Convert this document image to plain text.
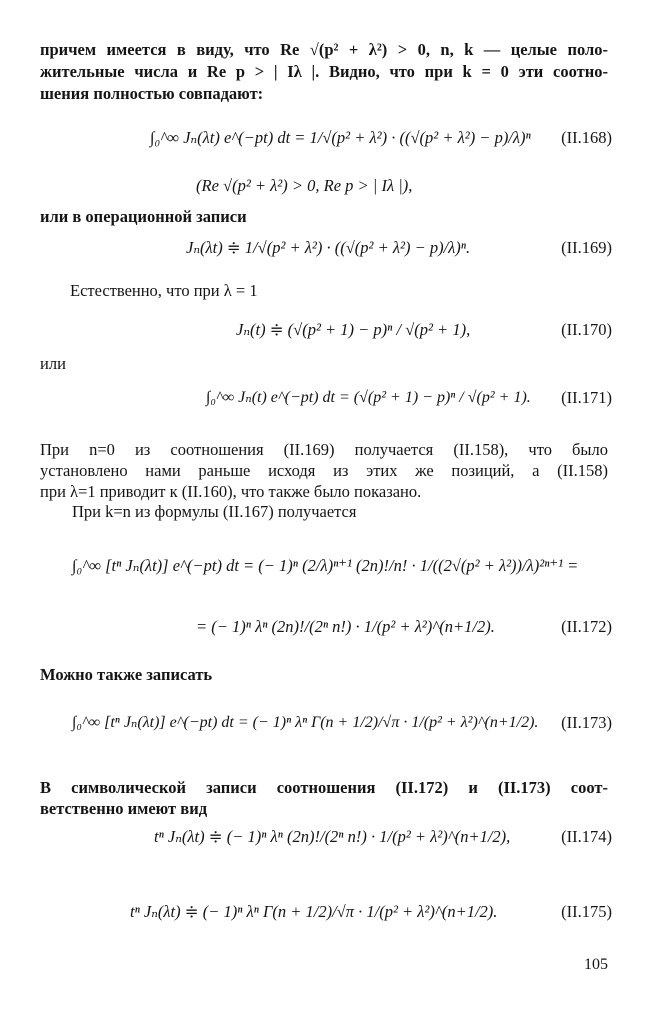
причем имеется в виду, что Re √(p² + λ²) > 0, n, k — целые поло-
жительные числа и Re p > | Iλ |. Видно, что при k = 0 эти соотно-
шения полностью совпадают:
∫₀^∞ Jₙ(λt) e^(−pt) dt = 1/√(p² + λ²) · ((√(p² + λ²) − p)/λ)ⁿ	(II.168)
(Re √(p² + λ²) > 0, Re p > | Iλ |),
или в операционной записи
Jₙ(λt) ≑ 1/√(p² + λ²) · ((√(p² + λ²) − p)/λ)ⁿ.	(II.169)
Естественно, что при λ = 1
Jₙ(t) ≑ (√(p² + 1) − p)ⁿ / √(p² + 1),	(II.170)
или
∫₀^∞ Jₙ(t) e^(−pt) dt = (√(p² + 1) − p)ⁿ / √(p² + 1).	(II.171)
При n=0 из соотношения (II.169) получается (II.158), что было
установлено нами раньше исходя из этих же позиций, а (II.158)
при λ=1 приводит к (II.160), что также было показано.
При k=n из формулы (II.167) получается
∫₀^∞ [tⁿ Jₙ(λt)] e^(−pt) dt = (− 1)ⁿ (2/λ)ⁿ⁺¹ (2n)!/n! · 1/((2√(p² + λ²))/λ)²ⁿ⁺¹ =
= (− 1)ⁿ λⁿ (2n)!/(2ⁿ n!) · 1/(p² + λ²)^(n+1/2).	(II.172)
Можно также записать
∫₀^∞ [tⁿ Jₙ(λt)] e^(−pt) dt = (− 1)ⁿ λⁿ Γ(n + 1/2)/√π · 1/(p² + λ²)^(n+1/2).	(II.173)
В символической записи соотношения (II.172) и (II.173) соот-
ветственно имеют вид
tⁿ Jₙ(λt) ≑ (− 1)ⁿ λⁿ (2n)!/(2ⁿ n!) · 1/(p² + λ²)^(n+1/2),	(II.174)
tⁿ Jₙ(λt) ≑ (− 1)ⁿ λⁿ Γ(n + 1/2)/√π · 1/(p² + λ²)^(n+1/2).	(II.175)
105
